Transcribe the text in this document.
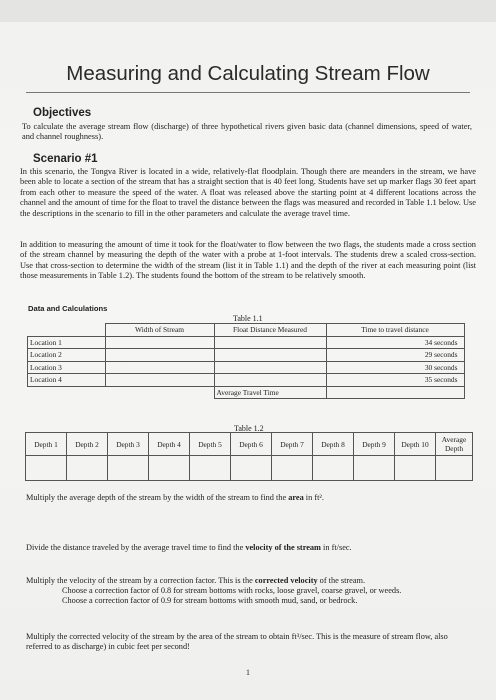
Measuring and Calculating Stream Flow
Objectives
To calculate the average stream flow (discharge) of three hypothetical rivers given basic data (channel dimensions, speed of water, and channel roughness).
Scenario #1
In this scenario, the Tongva River is located in a wide, relatively-flat floodplain. Though there are meanders in the stream, we have been able to locate a section of the stream that has a straight section that is 40 feet long. Students have set up marker flags 30 feet apart from each other to measure the speed of the water. A float was released above the starting point at 4 different locations across the channel and the amount of time for the float to travel the distance between the flags was measured and recorded in Table 1.1 below. Use the descriptions in the scenario to fill in the other parameters and calculate the average travel time.
In addition to measuring the amount of time it took for the float/water to flow between the two flags, the students made a cross section of the stream channel by measuring the depth of the water with a probe at 1-foot intervals. The students drew a scaled cross-section. Use that cross-section to determine the width of the stream (list it in Table 1.1) and the depth of the river at each measuring point (list those measurements in Table 1.2). The students found the bottom of the stream to be relatively smooth.
Data and Calculations
Table 1.1
	Width of Stream	Float Distance Measured	Time to travel distance
Location 1			34 seconds
Location 2			29 seconds
Location 3			30 seconds
Location 4			35 seconds
		Average Travel Time	
Table 1.2
Depth 1	Depth 2	Depth 3	Depth 4	Depth 5	Depth 6	Depth 7	Depth 8	Depth 9	Depth 10	Average Depth

Multiply the average depth of the stream by the width of the stream to find the area in ft².
Divide the distance traveled by the average travel time to find the velocity of the stream in ft/sec.
Multiply the velocity of the stream by a correction factor. This is the corrected velocity of the stream.
Choose a correction factor of 0.8 for stream bottoms with rocks, loose gravel, coarse gravel, or weeds.
Choose a correction factor of 0.9 for stream bottoms with smooth mud, sand, or bedrock.
Multiply the corrected velocity of the stream by the area of the stream to obtain ft³/sec. This is the measure of stream flow, also referred to as discharge) in cubic feet per second!
1
